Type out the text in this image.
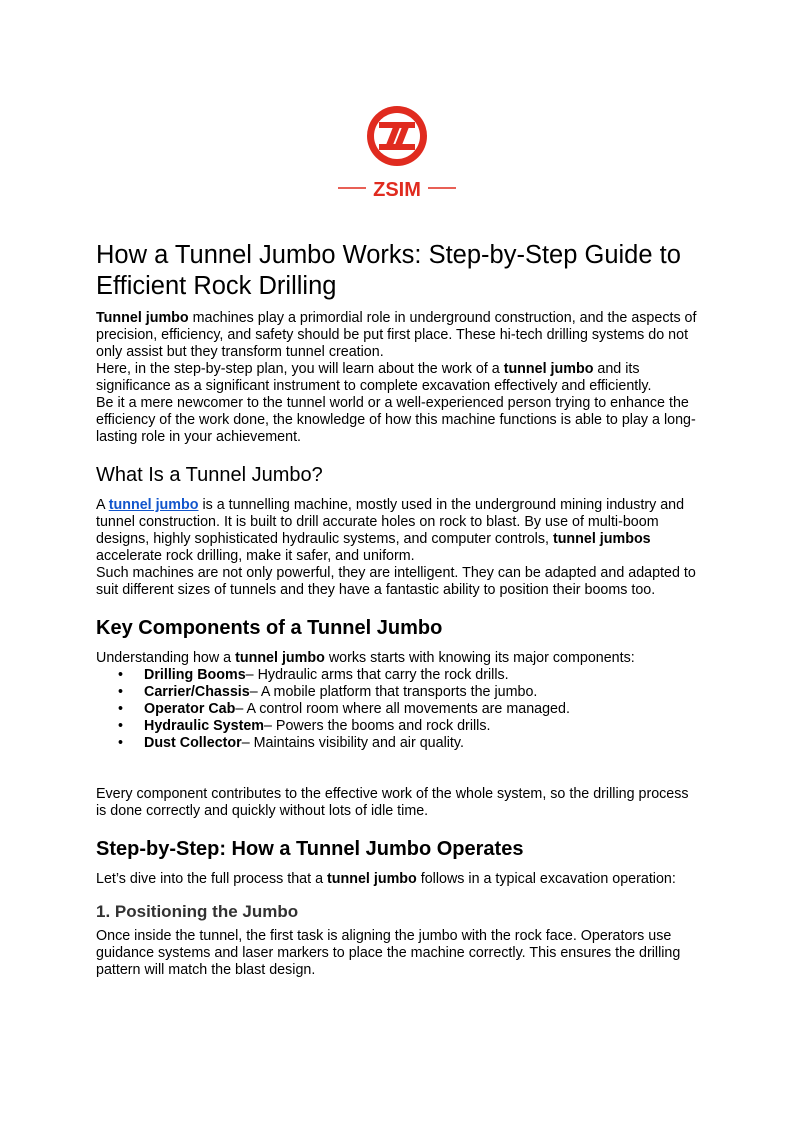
ZSIM
How a Tunnel Jumbo Works: Step-by-Step Guide to Efficient Rock Drilling

Tunnel jumbo machines play a primordial role in underground construction, and the aspects of precision, efficiency, and safety should be put first place. These hi-tech drilling systems do not only assist but they transform tunnel creation.

Here, in the step-by-step plan, you will learn about the work of a tunnel jumbo and its significance as a significant instrument to complete excavation effectively and efficiently.

Be it a mere newcomer to the tunnel world or a well-experienced person trying to enhance the efficiency of the work done, the knowledge of how this machine functions is able to play a long-lasting role in your achievement.

What Is a Tunnel Jumbo?

A tunnel jumbo is a tunnelling machine, mostly used in the underground mining industry and tunnel construction. It is built to drill accurate holes on rock to blast. By use of multi-boom designs, highly sophisticated hydraulic systems, and computer controls, tunnel jumbos accelerate rock drilling, make it safer, and uniform.

Such machines are not only powerful, they are intelligent. They can be adapted and adapted to suit different sizes of tunnels and they have a fantastic ability to position their booms too.

Key Components of a Tunnel Jumbo

Understanding how a tunnel jumbo works starts with knowing its major components:

• Drilling Booms– Hydraulic arms that carry the rock drills.
• Carrier/Chassis– A mobile platform that transports the jumbo.
• Operator Cab– A control room where all movements are managed.
• Hydraulic System– Powers the booms and rock drills.
• Dust Collector– Maintains visibility and air quality.

Every component contributes to the effective work of the whole system, so the drilling process is done correctly and quickly without lots of idle time.

Step-by-Step: How a Tunnel Jumbo Operates

Let’s dive into the full process that a tunnel jumbo follows in a typical excavation operation:

1. Positioning the Jumbo

Once inside the tunnel, the first task is aligning the jumbo with the rock face. Operators use guidance systems and laser markers to place the machine correctly. This ensures the drilling pattern will match the blast design.
